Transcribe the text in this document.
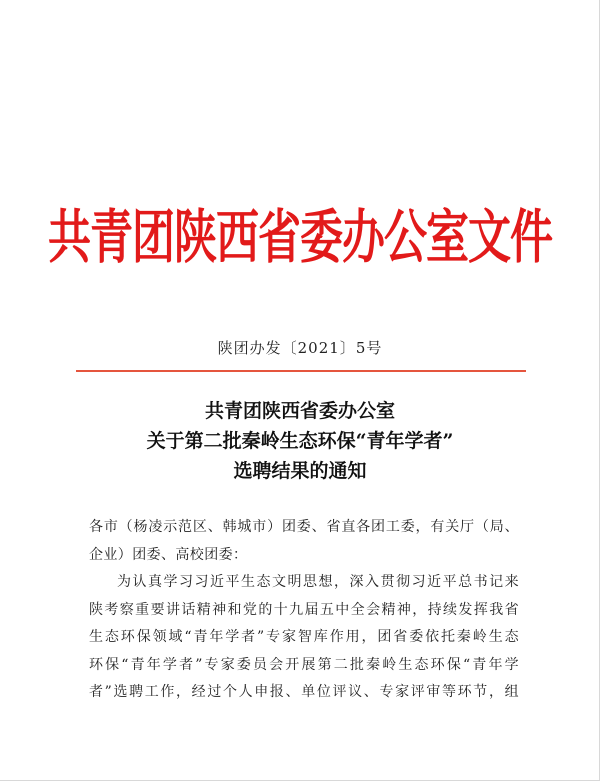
共青团陕西省委办公室文件
陕团办发〔2021〕5号
共青团陕西省委办公室
关于第二批秦岭生态环保“青年学者”
选聘结果的通知
各市（杨凌示范区、韩城市）团委、省直各团工委，有关厅（局、
企业）团委、高校团委：
为认真学习习近平生态文明思想，深入贯彻习近平总书记来
陕考察重要讲话精神和党的十九届五中全会精神，持续发挥我省
生态环保领域“青年学者”专家智库作用，团省委依托秦岭生态
环保“青年学者”专家委员会开展第二批秦岭生态环保“青年学
者”选聘工作，经过个人申报、单位评议、专家评审等环节，组
